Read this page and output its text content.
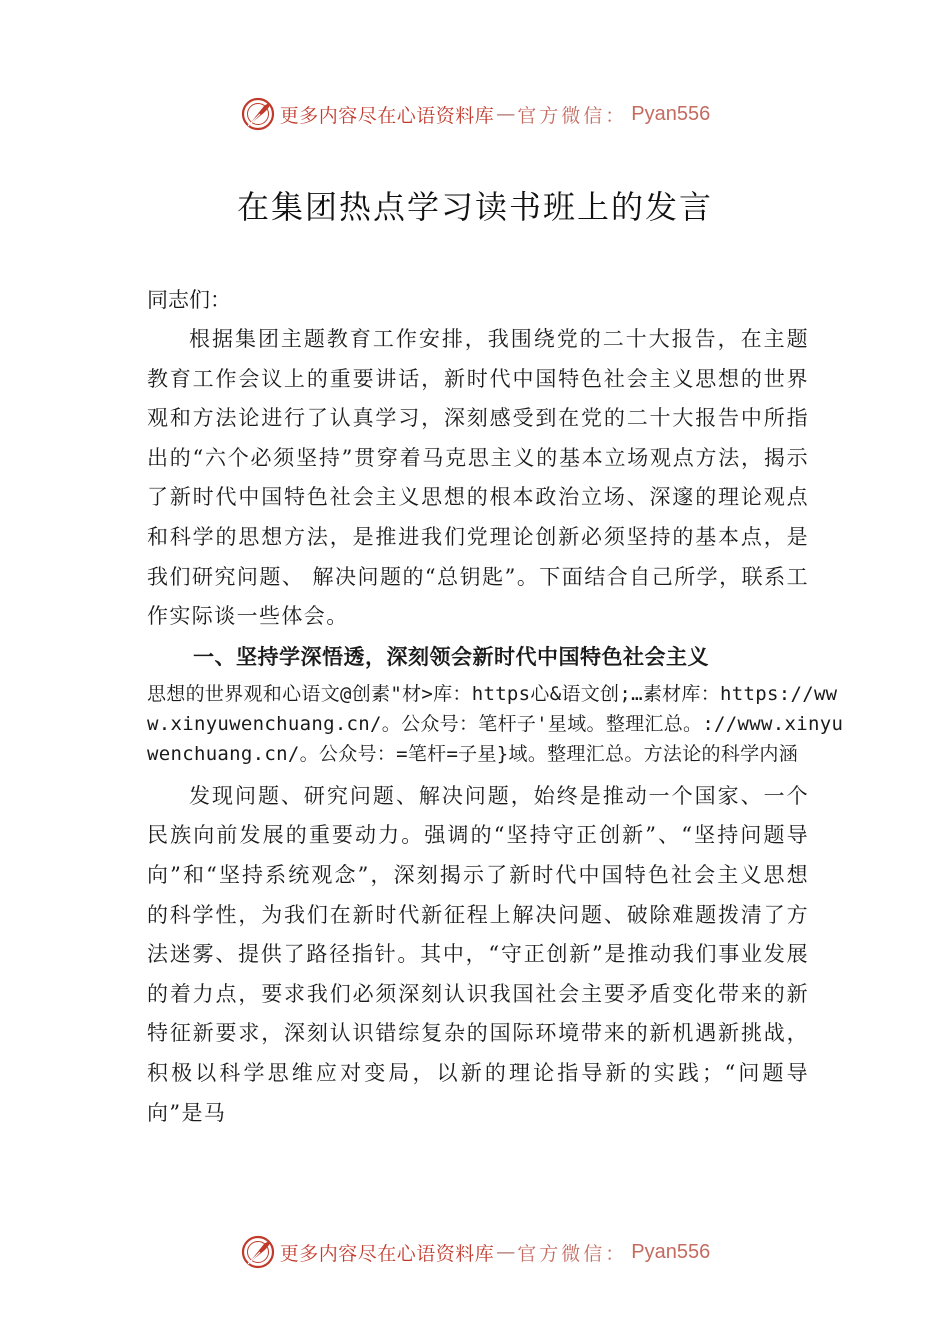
更多内容尽在心语资料库 — 官方微信： Pyan556
在集团热点学习读书班上的发言

同志们：

根据集团主题教育工作安排，我围绕党的二十大报告，在主题教育工作会议上的重要讲话，新时代中国特色社会主义思想的世界观和方法论进行了认真学习，深刻感受到在党的二十大报告中所指出的“六个必须坚持”贯穿着马克思主义的基本立场观点方法，揭示了新时代中国特色社会主义思想的根本政治立场、深邃的理论观点和科学的思想方法，是推进我们党理论创新必须坚持的基本点，是我们研究问题、 解决问题的“总钥匙”。下面结合自己所学，联系工作实际谈一些体会。

一、坚持学深悟透，深刻领会新时代中国特色社会主义

思想的世界观和心语文@创素"材>库：https心&语文创;…素材库：https://www.xinyuwenchuang.cn/。公众号：笔杆子'星域。整理汇总。://www.xinyuwenchuang.cn/。公众号：=笔杆=子星}域。整理汇总。方法论的科学内涵

发现问题、研究问题、解决问题，始终是推动一个国家、一个民族向前发展的重要动力。强调的“坚持守正创新”、“坚持问题导向”和“坚持系统观念”，深刻揭示了新时代中国特色社会主义思想的科学性，为我们在新时代新征程上解决问题、破除难题拨清了方法迷雾、提供了路径指针。其中，“守正创新”是推动我们事业发展的着力点，要求我们必须深刻认识我国社会主要矛盾变化带来的新特征新要求，深刻认识错综复杂的国际环境带来的新机遇新挑战，积极以科学思维应对变局，以新的理论指导新的实践；“问题导向”是马

更多内容尽在心语资料库 — 官方微信： Pyan556
